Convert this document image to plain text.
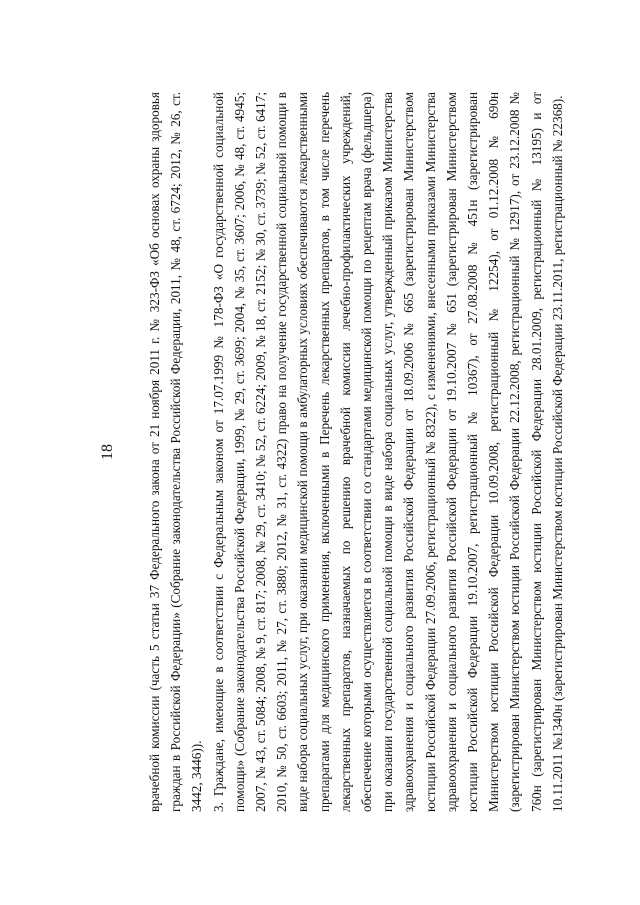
18 врачебной комиссии (часть 5 статьи 37 Федерального закона от 21 ноября 2011 г. № 323-ФЗ «Об основах охраны здоровья граждан в Российской Федерации» (Собрание законодательства Российской Федерации, 2011, № 48, ст. 6724; 2012, № 26, ст. 3442, 3446)). 3. Граждане, имеющие в соответствии с Федеральным законом от 17.07.1999 № 178-ФЗ «О государственной социальной помощи» (Собрание законодательства Российской Федерации, 1999, № 29, ст. 3699; 2004, № 35, ст. 3607; 2006, № 48, ст. 4945; 2007, № 43, ст. 5084; 2008, № 9, ст. 817; 2008, № 29, ст. 3410; № 52, ст. 6224; 2009, № 18, ст. 2152; № 30, ст. 3739; № 52, ст. 6417; 2010, № 50, ст. 6603; 2011, № 27, ст. 3880; 2012, № 31, ст. 4322) право на получение государственной социальной помощи в виде набора социальных услуг, при оказании медицинской помощи в амбулаторных условиях обеспечиваются лекарственными препаратами для медицинского применения, включенными в Перечень лекарственных препаратов, в том числе перечень лекарственных препаратов, назначаемых по решению врачебной комиссии лечебно-профилактических учреждений, обеспечение которыми осуществляется в соответствии со стандартами медицинской помощи по рецептам врача (фельдшера) при оказании государственной социальной помощи в виде набора социальных услуг, утвержденный приказом Министерства здравоохранения и социального развития Российской Федерации от 18.09.2006 № 665 (зарегистрирован Министерством юстиции Российской Федерации 27.09.2006, регистрационный № 8322), с изменениями, внесенными приказами Министерства здравоохранения и социального развития Российской Федерации от 19.10.2007 № 651 (зарегистрирован Министерством юстиции Российской Федерации 19.10.2007, регистрационный № 10367), от 27.08.2008 № 451н (зарегистрирован Министерством юстиции Российской Федерации 10.09.2008, регистрационный № 12254), от 01.12.2008 № 690н (зарегистрирован Министерством юстиции Российской Федерации 22.12.2008, регистрационный № 12917), от 23.12.2008 № 760н (зарегистрирован Министерством юстиции Российской Федерации 28.01.2009, регистрационный № 13195) и от 10.11.2011 №1340н (зарегистрирован Министерством юстиции Российской Федерации 23.11.2011, регистрационный № 22368).
